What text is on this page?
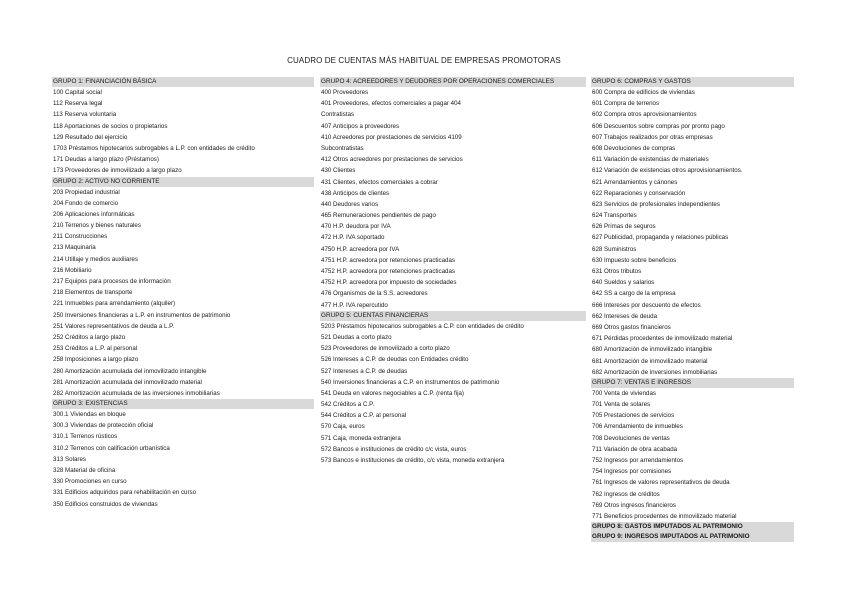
CUADRO DE CUENTAS MÁS HABITUAL DE EMPRESAS PROMOTORAS
GRUPO 1: FINANCIACIÓN BÁSICA
100 Capital social
112 Reserva legal
113 Reserva voluntaria
118 Aportaciones de socios o propietarios
129 Resultado del ejercicio
1703 Préstamos hipotecarios subrogables a L.P. con entidades de crédito
171 Deudas a largo plazo (Préstamos)
173 Proveedores de inmovilizado a largo plazo
GRUPO 2: ACTIVO NO CORRIENTE
203 Propiedad industrial
204 Fondo de comercio
206 Aplicaciones informáticas
210 Terrenos y bienes naturales
211 Construcciones
213 Maquinaria
214 Utillaje y medios auxiliares
216 Mobiliario
217 Equipos para procesos de información
218 Elementos de transporte
221 Inmuebles para arrendamiento (alquiler)
250 Inversiones financieras a L.P. en instrumentos de patrimonio
251 Valores representativos de deuda a L.P.
252 Créditos a largo plazo
253 Créditos a L.P. al personal
258 Imposiciones a largo plazo
280 Amortización acumulada del inmovilizado intangible
281 Amortización acumulada del inmovilizado material
282 Amortización acumulada de las inversiones inmobiliarias
GRUPO 3: EXISTENCIAS
300.1 Viviendas en bloque
300.3 Viviendas de protección oficial
310.1 Terrenos rústicos
310.2 Terrenos con calificación urbanística
313 Solares
328 Material de oficina
330 Promociones en curso
331 Edificios adquiridos para rehabilitación en curso
350 Edificios construidos de viviendas
GRUPO 4: ACREEDORES Y DEUDORES POR OPERACIONES COMERCIALES
400 Proveedores
401 Proveedores, efectos comerciales a pagar 404
Contratistas
407 Anticipos a proveedores
410 Acreedores por prestaciones de servicios 4109
Subcontratistas
412 Otros acreedores por prestaciones de servicios
430 Clientes
431 Clientes, efectos comerciales a cobrar
438 Anticipos de clientes
440 Deudores varios
465 Remuneraciones pendientes de pago
470 H.P. deudora por IVA
472 H.P. IVA soportado
4750 H.P. acreedora por IVA
4751 H.P. acreedora por retenciones practicadas
4752 H.P. acreedora por retenciones practicadas
4752 H.P. acreedora por impuesto de sociedades
476 Organismos de la S.S. acreedores
477 H.P. IVA repercutido
GRUPO 5: CUENTAS FINANCIERAS
5203 Préstamos hipotecarios subrogables a C.P. con entidades de crédito
521 Deudas a corto plazo
523 Proveedores de inmovilizado a corto plazo
526 Intereses a C.P. de deudas con Entidades crédito
527 Intereses a C.P. de deudas
540 Inversiones financieras a C.P. en instrumentos de patrimonio
541 Deuda en valores negociables a C.P. (renta fija)
542 Créditos a C.P.
544 Créditos a C.P. al personal
570 Caja, euros
571 Caja, moneda extranjera
572 Bancos e instituciones de crédito c/c vista, euros
573 Bancos e instituciones de crédito, c/c vista, moneda extranjera
GRUPO 6: COMPRAS Y GASTOS
600 Compra de edificios de viviendas
601 Compra de terrenos
602 Compra otros aprovisionamientos
606 Descuentos sobre compras por pronto pago
607 Trabajos realizados por otras empresas
608 Devoluciones de compras
611 Variación de existencias de materiales
612 Variación de existencias otros aprovisionamientos.
621 Arrendamientos y cánones
622 Reparaciones y conservación
623 Servicios de profesionales independientes
624 Transportes
626 Primas de seguros
627 Publicidad, propaganda y relaciones públicas
628 Suministros
630 Impuesto sobre beneficios
631 Otros tributos
640 Sueldos y salarios
642 SS a cargo de la empresa
666 Intereses por descuento de efectos
662 Intereses de deuda
669 Otros gastos financieros
671 Pérdidas procedentes de inmovilizado material
680 Amortización de inmovilizado intangible
681 Amortización de inmovilizado material
682 Amortización de inversiones inmobiliarias
GRUPO 7: VENTAS E INGRESOS
700 Venta de viviendas
701 Venta de solares
705 Prestaciones de servicios
706 Arrendamiento de inmuebles
708 Devoluciones de ventas
711 Variación de obra acabada
752 Ingresos por arrendamientos
754 Ingresos por comisiones
761 Ingresos de valores representativos de deuda
762 Ingresos de créditos
769 Otros ingresos financieros
771 Beneficios procedentes de inmovilizado material
GRUPO 8: GASTOS IMPUTADOS AL PATRIMONIO
GRUPO 9: INGRESOS IMPUTADOS AL PATRIMONIO
